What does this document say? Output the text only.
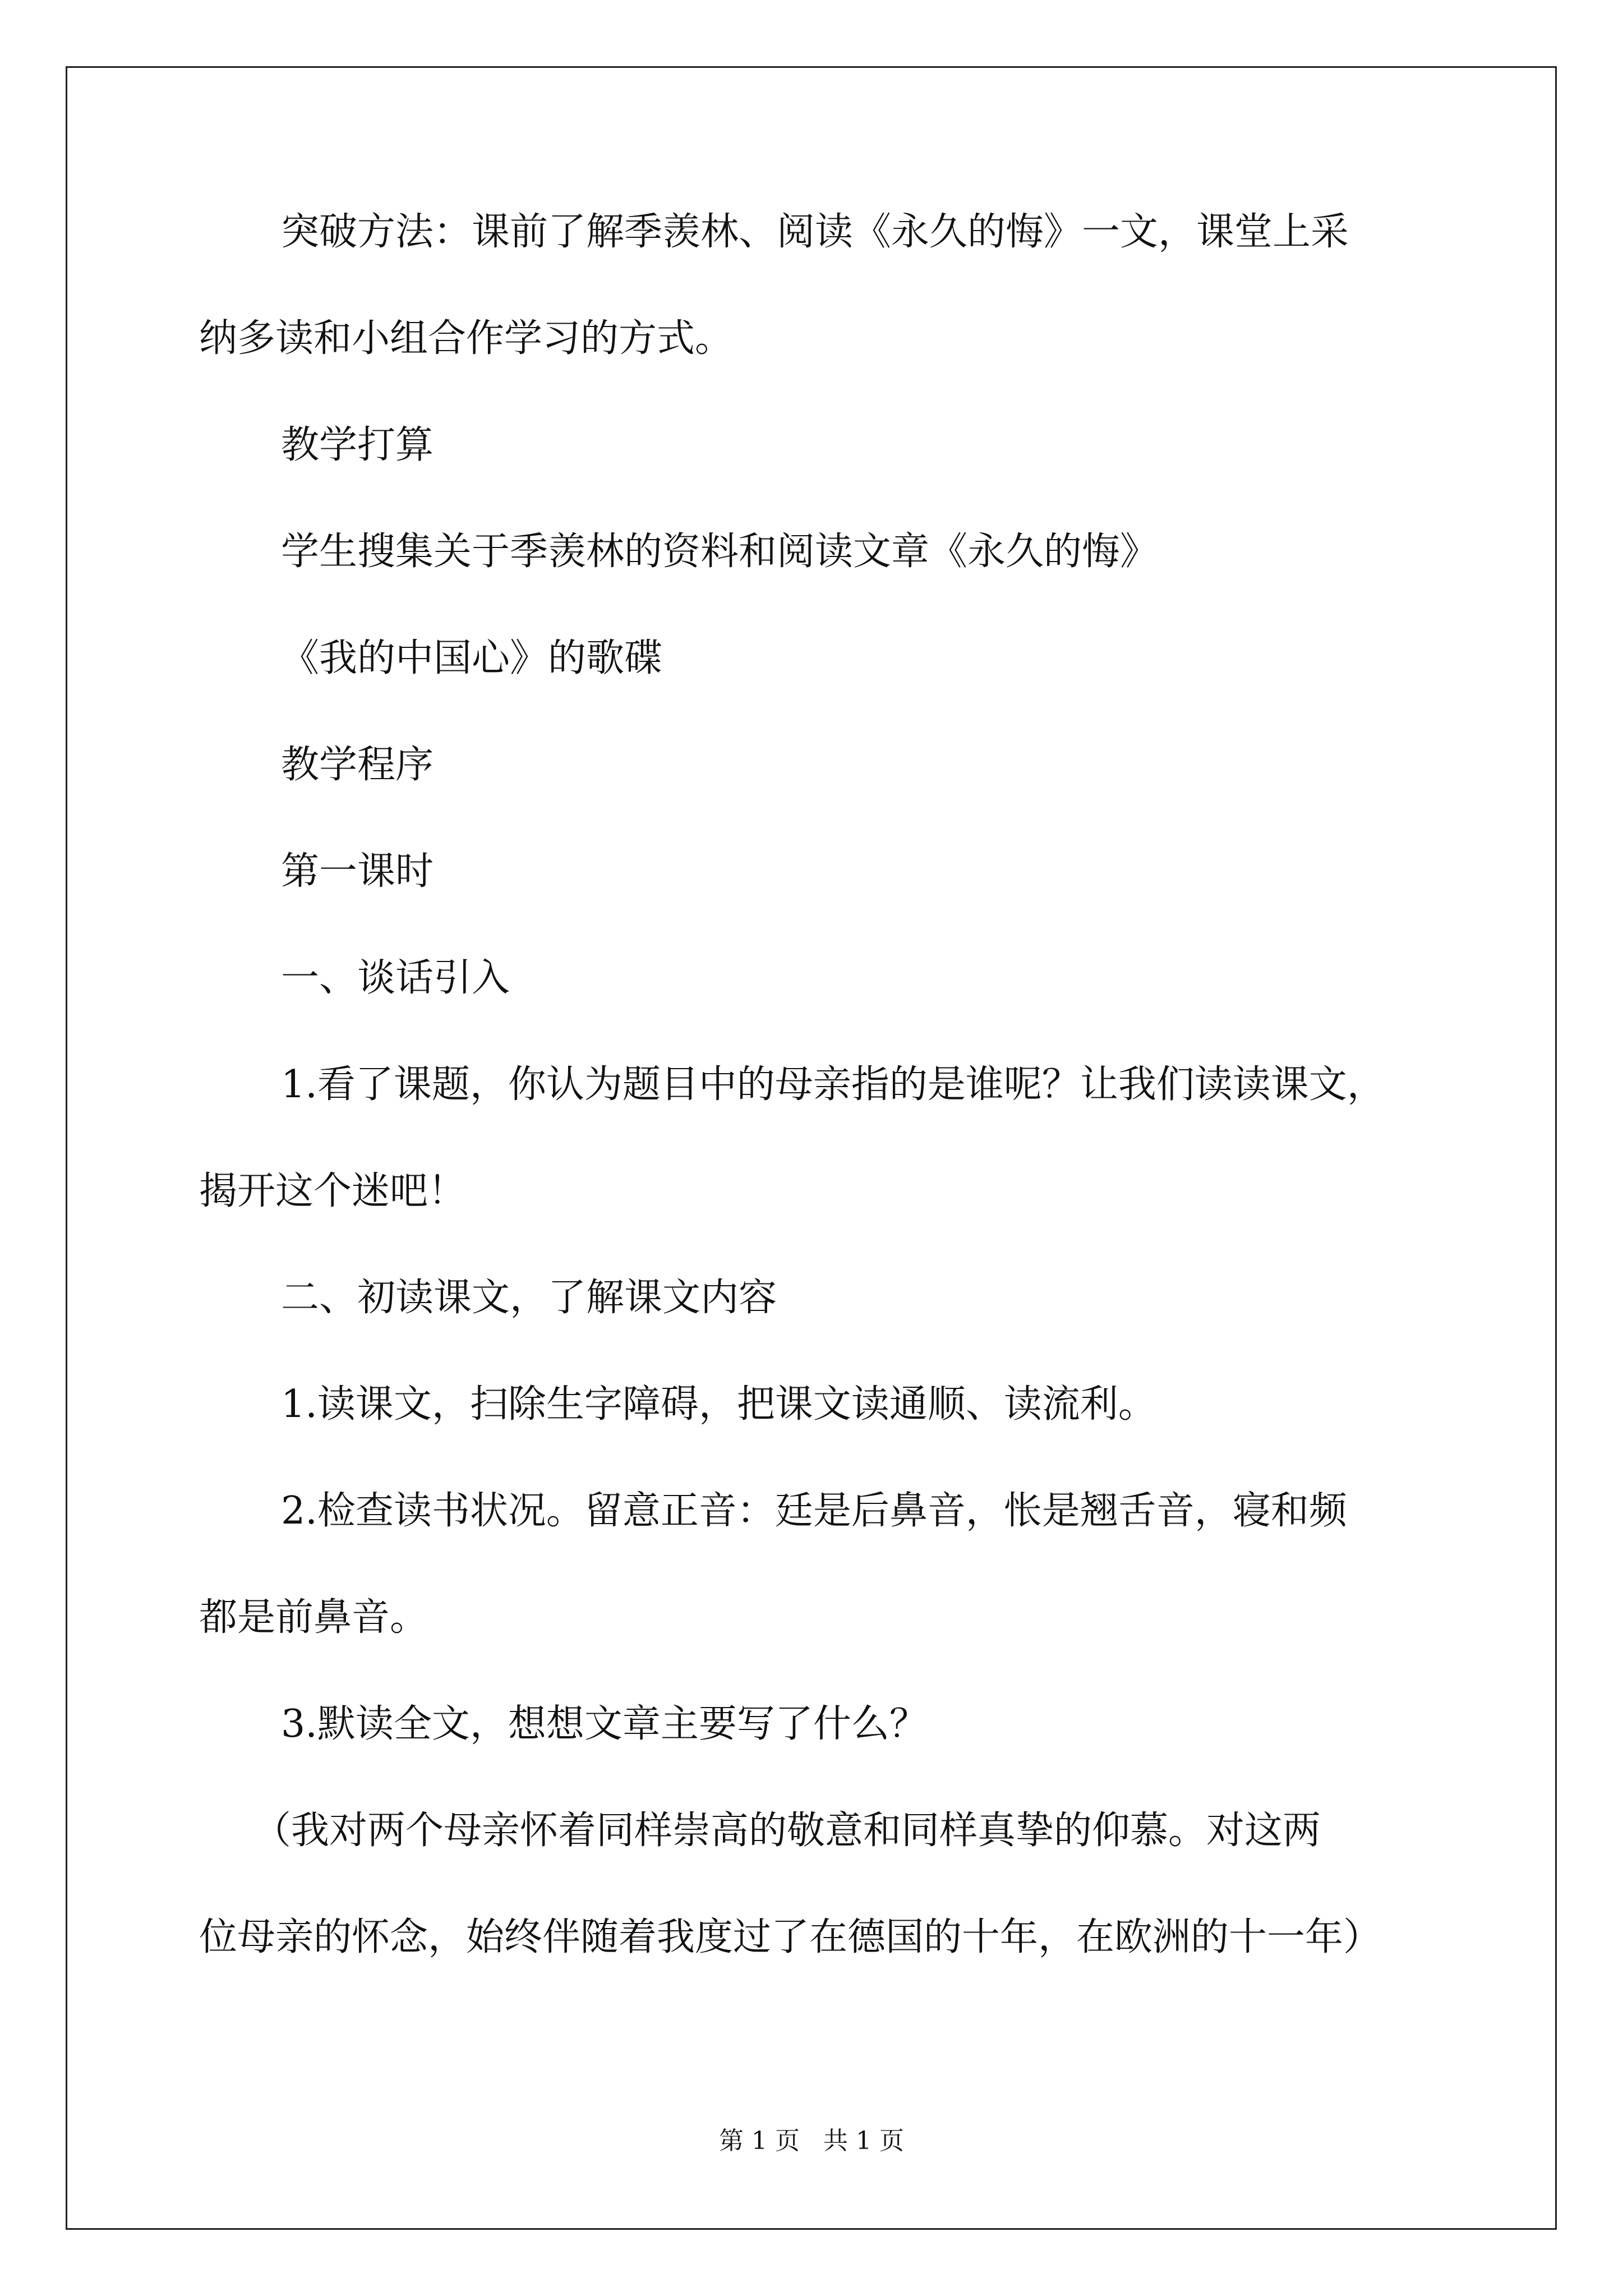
突破方法：课前了解季羡林、阅读《永久的悔》一文，课堂上采

纳多读和小组合作学习的方式。

教学打算

学生搜集关于季羡林的资料和阅读文章《永久的悔》

《我的中国心》的歌碟

教学程序

第一课时

一、谈话引入

1.看了课题，你认为题目中的母亲指的是谁呢？让我们读读课文，

揭开这个迷吧！

二、初读课文，了解课文内容

1.读课文，扫除生字障碍，把课文读通顺、读流利。

2.检查读书状况。留意正音：廷是后鼻音，怅是翘舌音，寝和频

都是前鼻音。

3.默读全文，想想文章主要写了什么？

（我对两个母亲怀着同样崇高的敬意和同样真挚的仰慕。对这两

位母亲的怀念，始终伴随着我度过了在德国的十年，在欧洲的十一年）

第 1 页 共 1 页
